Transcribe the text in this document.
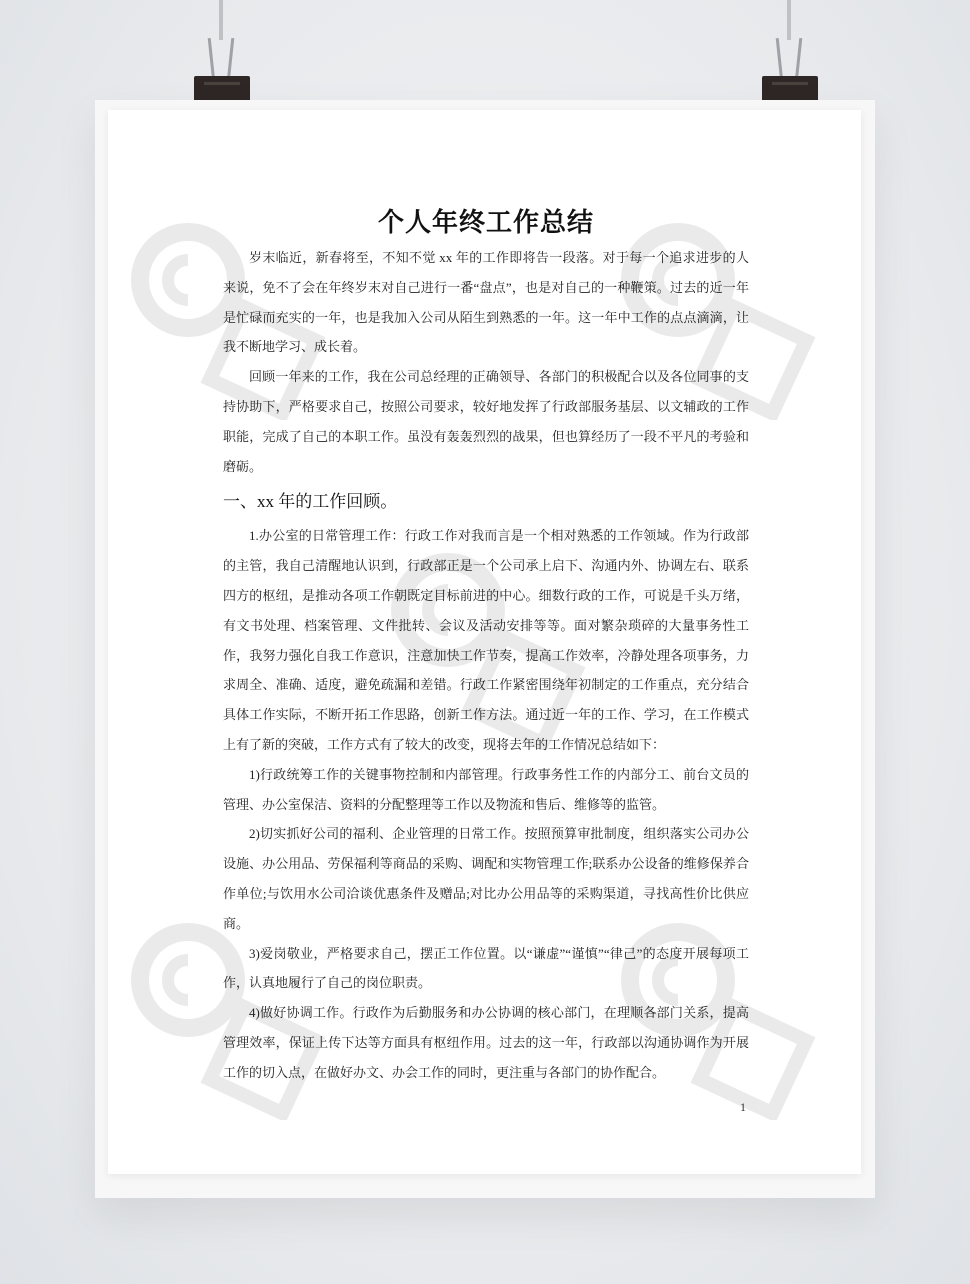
个人年终工作总结

岁末临近，新春将至，不知不觉 xx 年的工作即将告一段落。对于每一个追求进步的人来说，免不了会在年终岁末对自己进行一番“盘点”，也是对自己的一种鞭策。过去的近一年是忙碌而充实的一年，也是我加入公司从陌生到熟悉的一年。这一年中工作的点点滴滴，让我不断地学习、成长着。

回顾一年来的工作，我在公司总经理的正确领导、各部门的积极配合以及各位同事的支持协助下，严格要求自己，按照公司要求，较好地发挥了行政部服务基层、以文辅政的工作职能，完成了自己的本职工作。虽没有轰轰烈烈的战果，但也算经历了一段不平凡的考验和磨砺。

一、xx 年的工作回顾。

1.办公室的日常管理工作：行政工作对我而言是一个相对熟悉的工作领域。作为行政部的主管，我自己清醒地认识到，行政部正是一个公司承上启下、沟通内外、协调左右、联系四方的枢纽，是推动各项工作朝既定目标前进的中心。细数行政的工作，可说是千头万绪，有文书处理、档案管理、文件批转、会议及活动安排等等。面对繁杂琐碎的大量事务性工作，我努力强化自我工作意识，注意加快工作节奏，提高工作效率，冷静处理各项事务，力求周全、准确、适度，避免疏漏和差错。行政工作紧密围绕年初制定的工作重点，充分结合具体工作实际，不断开拓工作思路，创新工作方法。通过近一年的工作、学习，在工作模式上有了新的突破，工作方式有了较大的改变，现将去年的工作情况总结如下：

1)行政统筹工作的关键事物控制和内部管理。行政事务性工作的内部分工、前台文员的管理、办公室保洁、资料的分配整理等工作以及物流和售后、维修等的监管。

2)切实抓好公司的福利、企业管理的日常工作。按照预算审批制度，组织落实公司办公设施、办公用品、劳保福利等商品的采购、调配和实物管理工作;联系办公设备的维修保养合作单位;与饮用水公司洽谈优惠条件及赠品;对比办公用品等的采购渠道，寻找高性价比供应商。

3)爱岗敬业，严格要求自己，摆正工作位置。以“谦虚”“谨慎”“律己”的态度开展每项工作，认真地履行了自己的岗位职责。

4)做好协调工作。行政作为后勤服务和办公协调的核心部门，在理顺各部门关系，提高管理效率，保证上传下达等方面具有枢纽作用。过去的这一年，行政部以沟通协调作为开展工作的切入点，在做好办文、办会工作的同时，更注重与各部门的协作配合。

1
